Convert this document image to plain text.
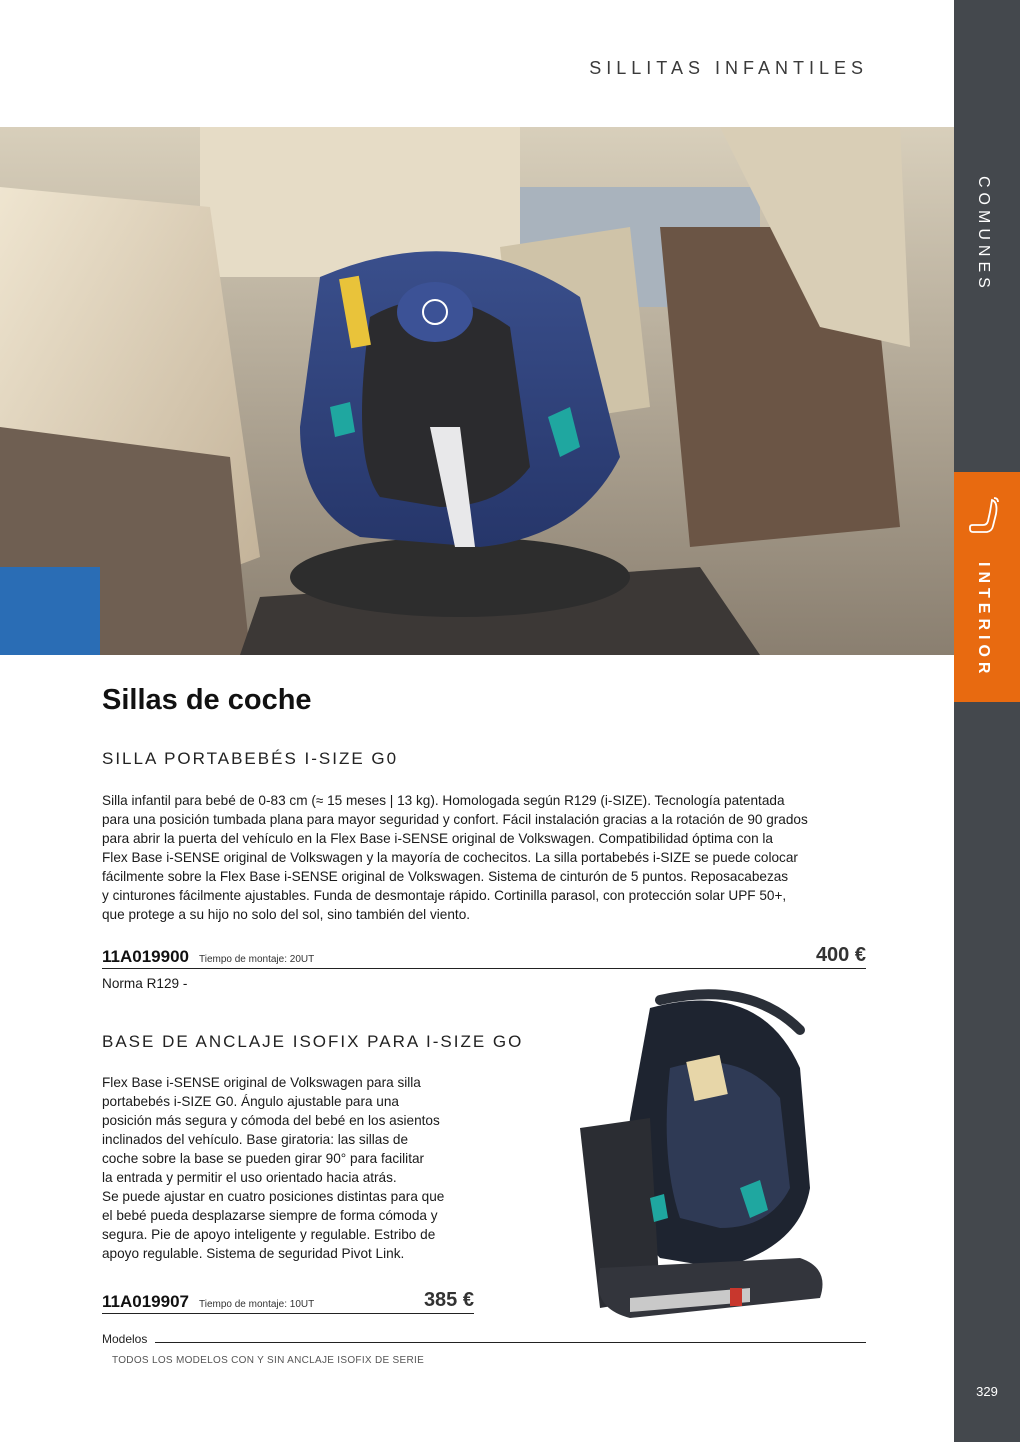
SILLITAS INFANTILES
COMUNES
INTERIOR
329
Sillas de coche
SILLA PORTABEBÉS I-SIZE G0
Silla infantil para bebé de 0-83 cm (≈ 15 meses | 13 kg). Homologada según R129 (i-SIZE). Tecnología patentada
para una posición tumbada plana para mayor seguridad y confort. Fácil instalación gracias a la rotación de 90 grados
para abrir la puerta del vehículo en la Flex Base i-SENSE original de Volkswagen. Compatibilidad óptima con la
Flex Base i-SENSE original de Volkswagen y la mayoría de cochecitos. La silla portabebés i-SIZE se puede colocar
fácilmente sobre la Flex Base i-SENSE original de Volkswagen. Sistema de cinturón de 5 puntos. Reposacabezas
y cinturones fácilmente ajustables. Funda de desmontaje rápido. Cortinilla parasol, con protección solar UPF 50+,
que protege a su hijo no solo del sol, sino también del viento.
11A019900 Tiempo de montaje: 20UT	400 €
Norma R129 -
BASE DE ANCLAJE ISOFIX PARA I-SIZE GO
Flex Base i-SENSE original de Volkswagen para silla
portabebés i-SIZE G0. Ángulo ajustable para una
posición más segura y cómoda del bebé en los asientos
inclinados del vehículo. Base giratoria: las sillas de
coche sobre la base se pueden girar 90° para facilitar
la entrada y permitir el uso orientado hacia atrás.
Se puede ajustar en cuatro posiciones distintas para que
el bebé pueda desplazarse siempre de forma cómoda y
segura. Pie de apoyo inteligente y regulable. Estribo de
apoyo regulable. Sistema de seguridad Pivot Link.
11A019907 Tiempo de montaje: 10UT	385 €
Modelos
TODOS LOS MODELOS CON Y SIN ANCLAJE ISOFIX DE SERIE
